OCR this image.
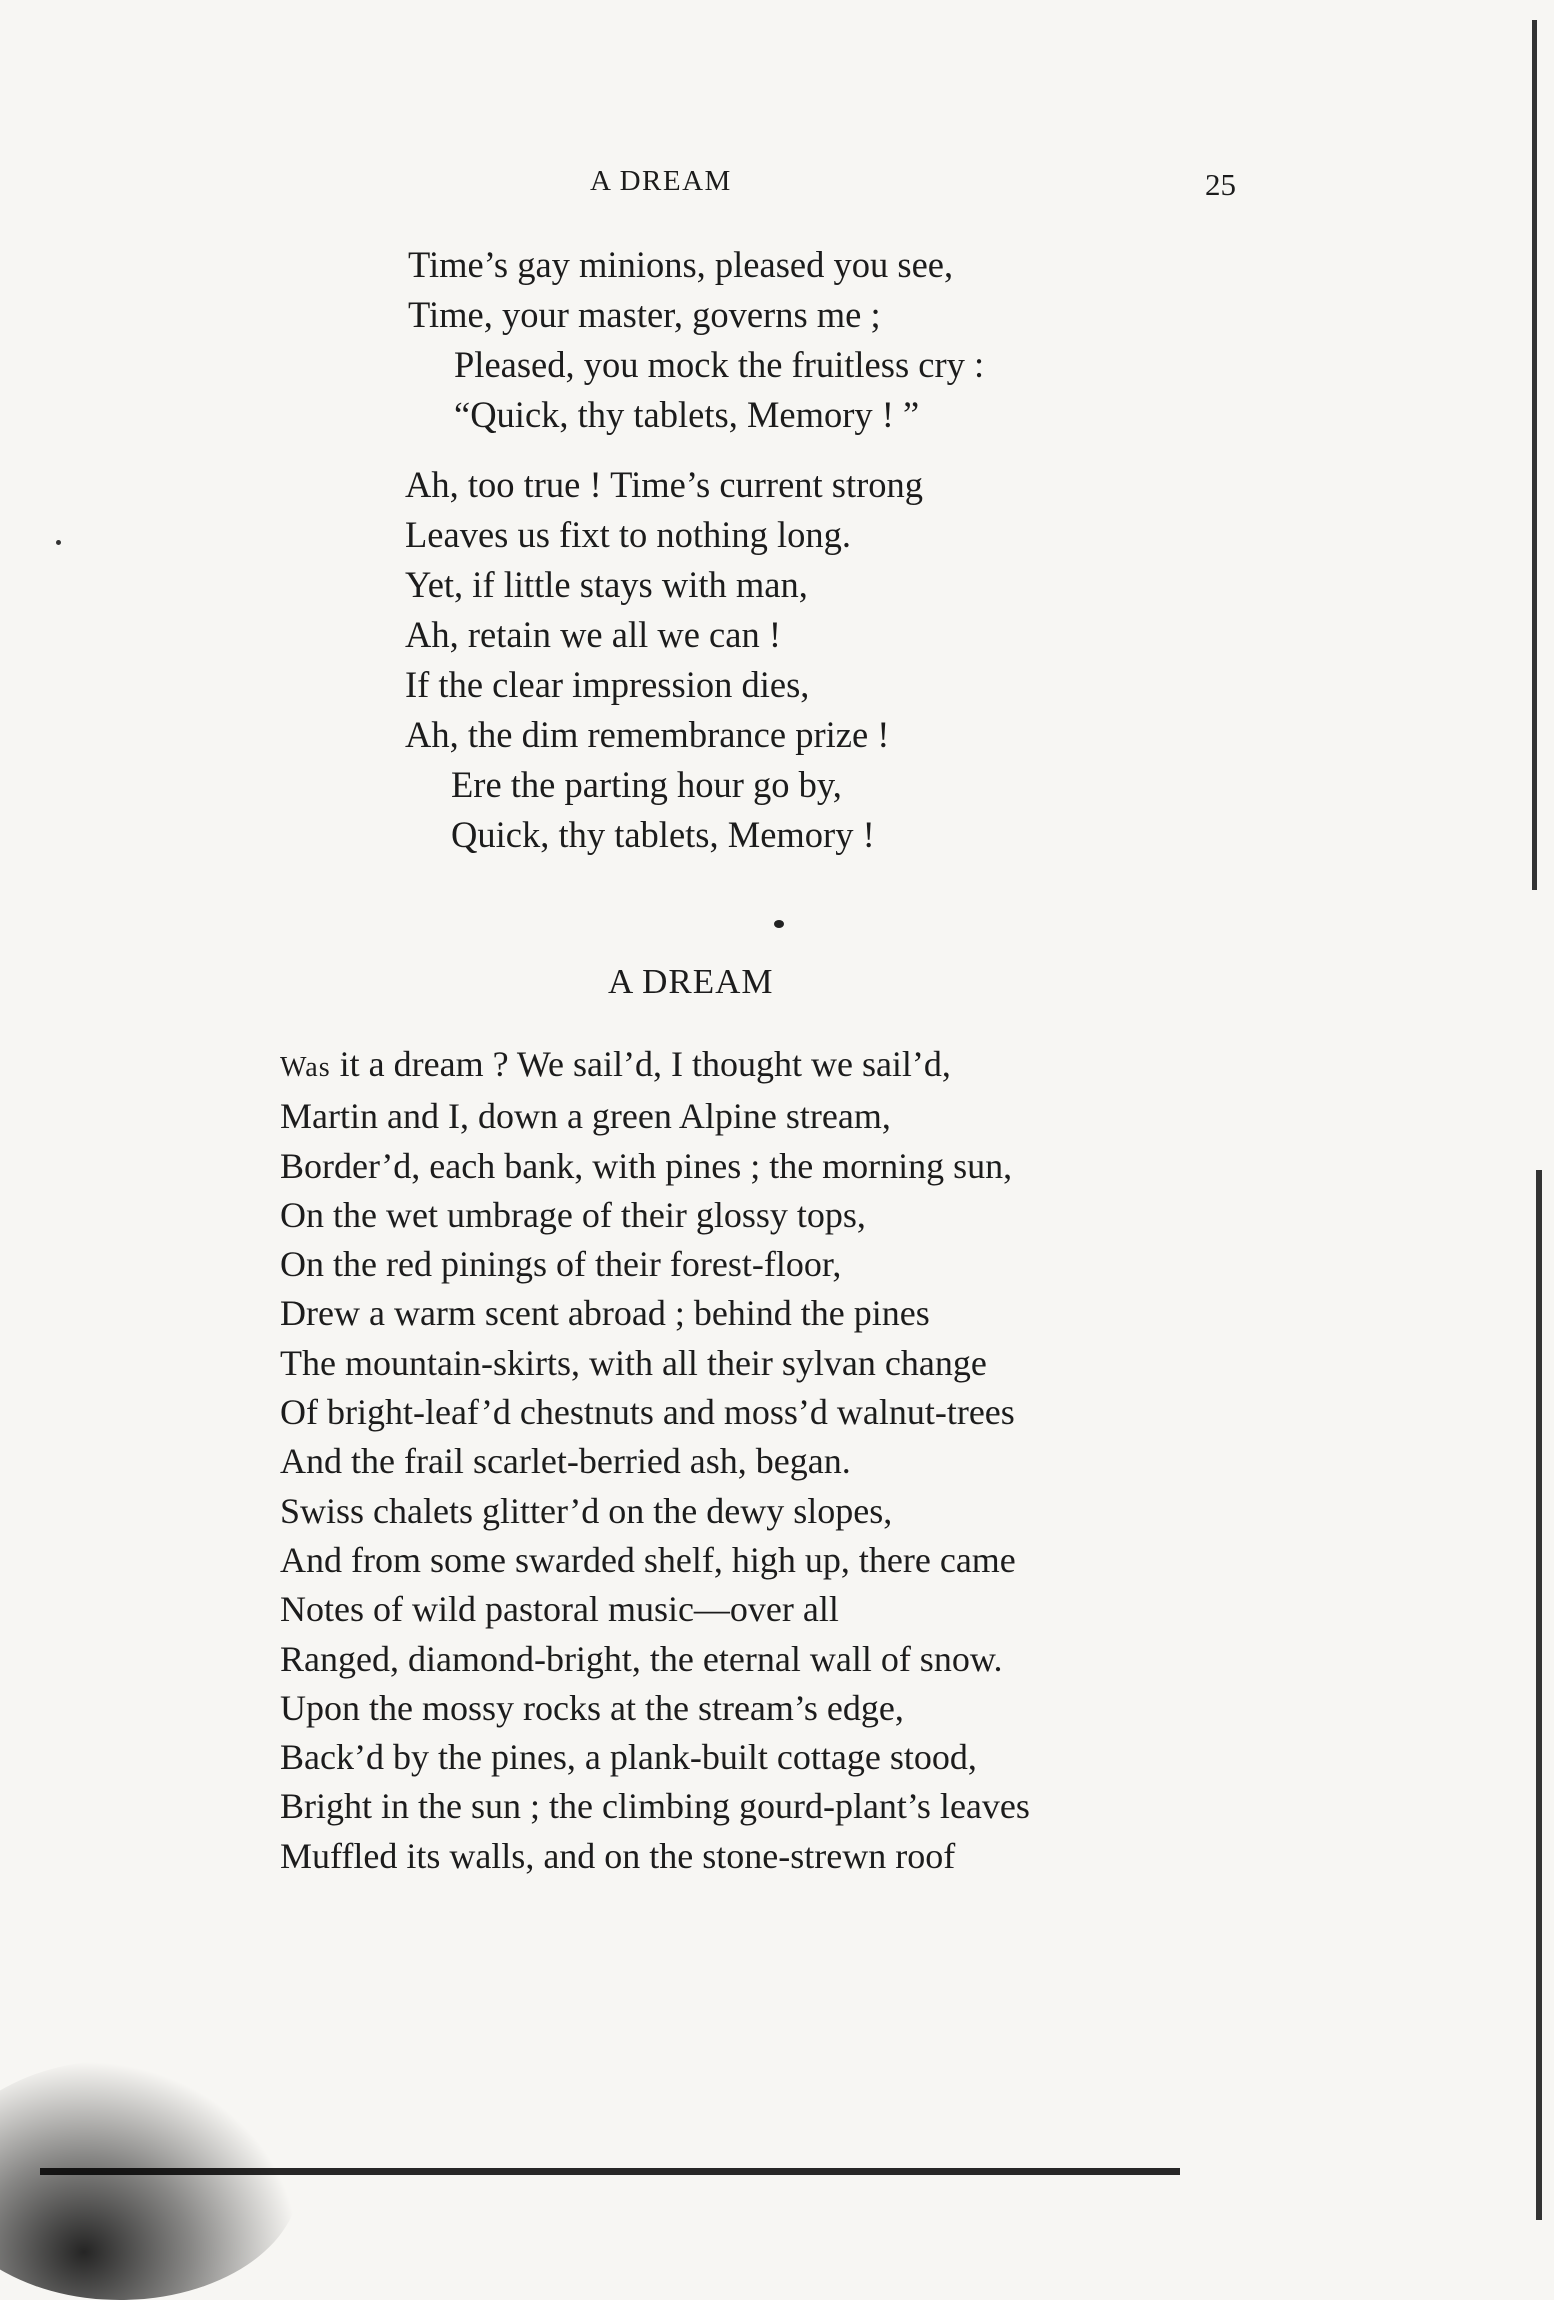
A DREAM	25
Time’s gay minions, pleased you see,
Time, your master, governs me ;
Pleased, you mock the fruitless cry :
“Quick, thy tablets, Memory ! ”
Ah, too true ! Time’s current strong
Leaves us fixt to nothing long.
Yet, if little stays with man,
Ah, retain we all we can !
If the clear impression dies,
Ah, the dim remembrance prize !
Ere the parting hour go by,
Quick, thy tablets, Memory !
A DREAM
Was it a dream ? We sail’d, I thought we sail’d,
Martin and I, down a green Alpine stream,
Border’d, each bank, with pines ; the morning sun,
On the wet umbrage of their glossy tops,
On the red pinings of their forest-floor,
Drew a warm scent abroad ; behind the pines
The mountain-skirts, with all their sylvan change
Of bright-leaf’d chestnuts and moss’d walnut-trees
And the frail scarlet-berried ash, began.
Swiss chalets glitter’d on the dewy slopes,
And from some swarded shelf, high up, there came
Notes of wild pastoral music—over all
Ranged, diamond-bright, the eternal wall of snow.
Upon the mossy rocks at the stream’s edge,
Back’d by the pines, a plank-built cottage stood,
Bright in the sun ; the climbing gourd-plant’s leaves
Muffled its walls, and on the stone-strewn roof
